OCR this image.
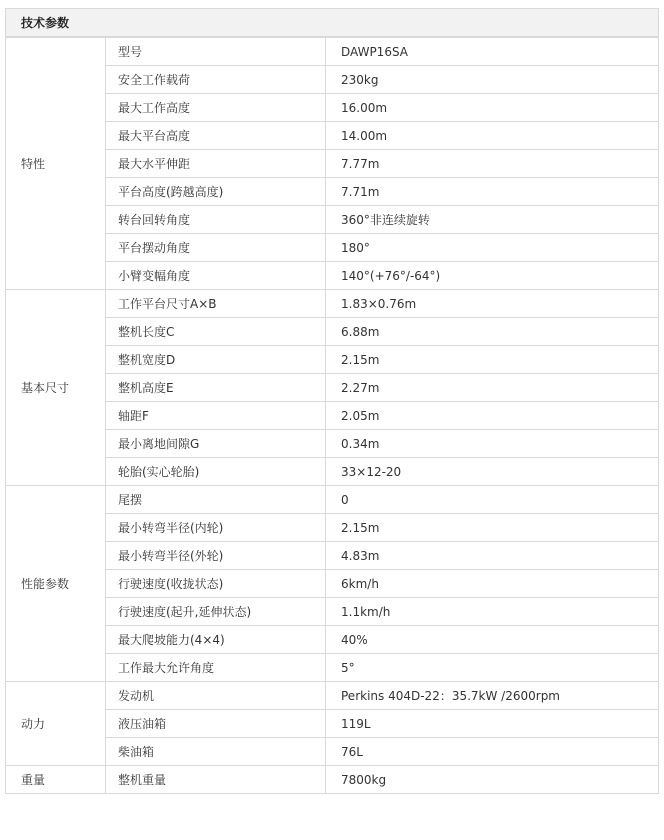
技术参数
特性	型号	DAWP16SA
	安全工作载荷	230kg
	最大工作高度	16.00m
	最大平台高度	14.00m
	最大水平伸距	7.77m
	平台高度(跨越高度)	7.71m
	转台回转角度	360°非连续旋转
	平台摆动角度	180°
	小臂变幅角度	140°(+76°/-64°)
基本尺寸	工作平台尺寸A×B	1.83×0.76m
	整机长度C	6.88m
	整机宽度D	2.15m
	整机高度E	2.27m
	轴距F	2.05m
	最小离地间隙G	0.34m
	轮胎(实心轮胎)	33×12-20
性能参数	尾摆	0
	最小转弯半径(内轮)	2.15m
	最小转弯半径(外轮)	4.83m
	行驶速度(收拢状态)	6km/h
	行驶速度(起升,延伸状态)	1.1km/h
	最大爬坡能力(4×4)	40%
	工作最大允许角度	5°
动力	发动机	Perkins 404D-22：35.7kW /2600rpm
	液压油箱	119L
	柴油箱	76L
重量	整机重量	7800kg
